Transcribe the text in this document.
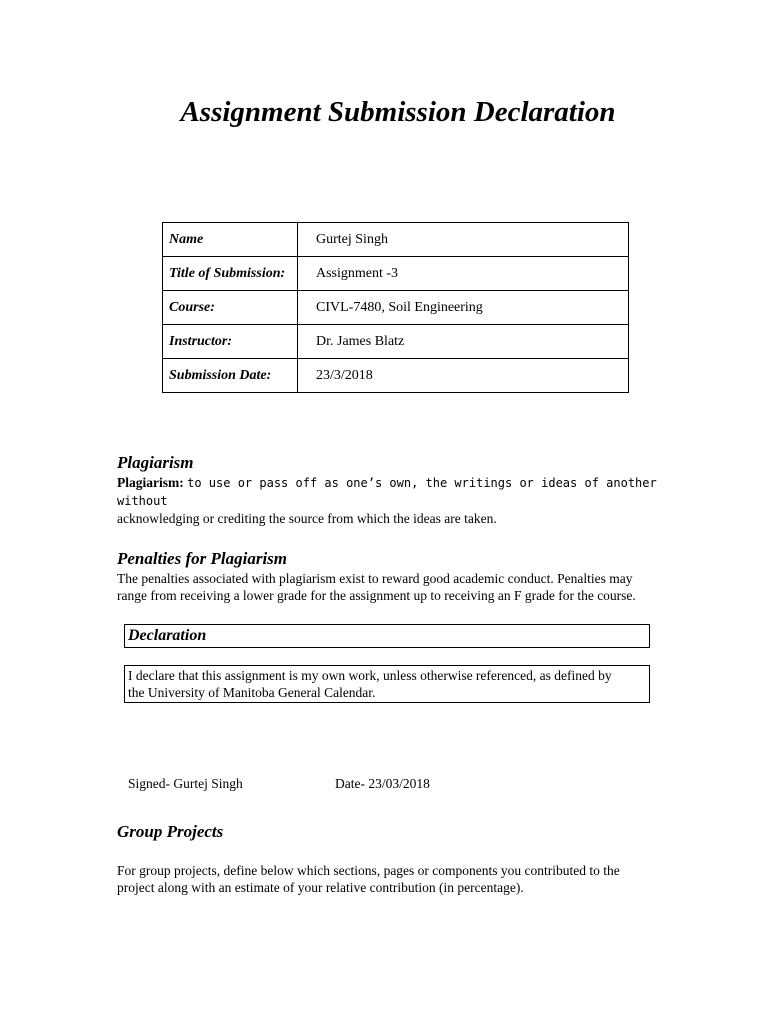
Assignment Submission Declaration
Name	Gurtej Singh
Title of Submission:	Assignment -3
Course:	CIVL-7480, Soil Engineering
Instructor:	Dr. James Blatz
Submission Date:	23/3/2018
Plagiarism

Plagiarism: to use or pass off as one’s own, the writings or ideas of another without

acknowledging or crediting the source from which the ideas are taken.

Penalties for Plagiarism

The penalties associated with plagiarism exist to reward good academic conduct. Penalties may range from receiving a lower grade for the assignment up to receiving an F grade for the course.

Declaration

I declare that this assignment is my own work, unless otherwise referenced, as defined by the University of Manitoba General Calendar.

Signed- Gurtej Singh	Date- 23/03/2018

Group Projects

For group projects, define below which sections, pages or components you contributed to the project along with an estimate of your relative contribution (in percentage).
